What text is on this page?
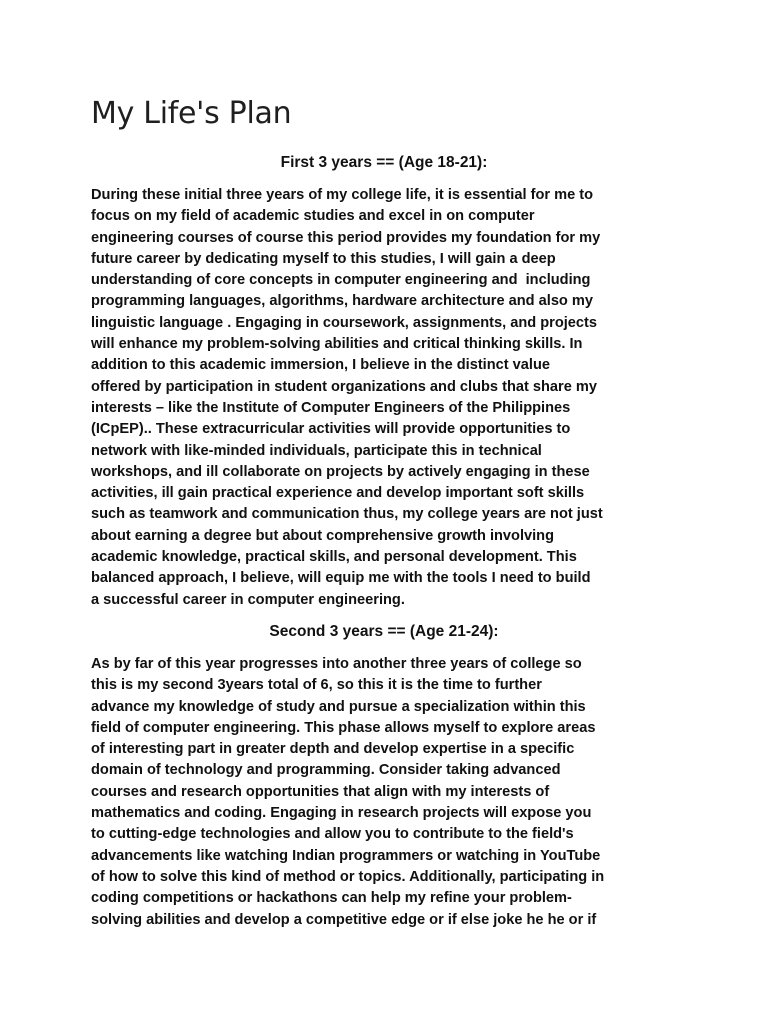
My Life's Plan
First 3 years == (Age 18-21):
During these initial three years of my college life, it is essential for me to
focus on my field of academic studies and excel in on computer
engineering courses of course this period provides my foundation for my
future career by dedicating myself to this studies, I will gain a deep
understanding of core concepts in computer engineering and  including
programming languages, algorithms, hardware architecture and also my
linguistic language . Engaging in coursework, assignments, and projects
will enhance my problem-solving abilities and critical thinking skills. In
addition to this academic immersion, I believe in the distinct value
offered by participation in student organizations and clubs that share my
interests – like the Institute of Computer Engineers of the Philippines
(ICpEP).. These extracurricular activities will provide opportunities to
network with like-minded individuals, participate this in technical
workshops, and ill collaborate on projects by actively engaging in these
activities, ill gain practical experience and develop important soft skills
such as teamwork and communication thus, my college years are not just
about earning a degree but about comprehensive growth involving
academic knowledge, practical skills, and personal development. This
balanced approach, I believe, will equip me with the tools I need to build
a successful career in computer engineering.
Second 3 years == (Age 21-24):
As by far of this year progresses into another three years of college so
this is my second 3years total of 6, so this it is the time to further
advance my knowledge of study and pursue a specialization within this
field of computer engineering. This phase allows myself to explore areas
of interesting part in greater depth and develop expertise in a specific
domain of technology and programming. Consider taking advanced
courses and research opportunities that align with my interests of
mathematics and coding. Engaging in research projects will expose you
to cutting-edge technologies and allow you to contribute to the field's
advancements like watching Indian programmers or watching in YouTube
of how to solve this kind of method or topics. Additionally, participating in
coding competitions or hackathons can help my refine your problem-
solving abilities and develop a competitive edge or if else joke he he or if
